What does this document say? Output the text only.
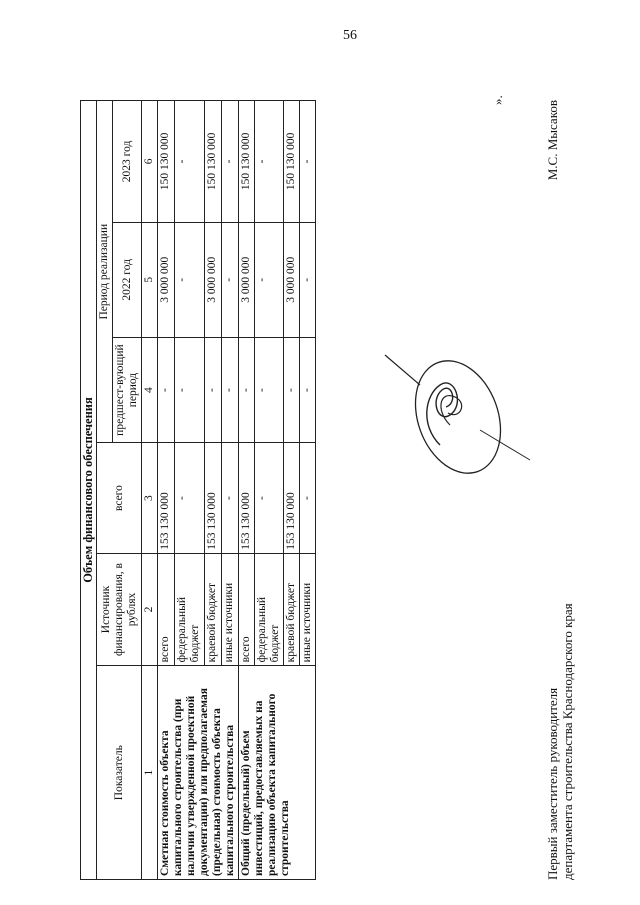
56
Объем финансового обеспечения					
Показатель	Источник финансирования, в рублях	всего	Период реализации		
			предшест-вующий период	2022 год	2023 год
1	2	3	4	5	6
Сметная стоимость объекта капитального строительства (при наличии утвержденной проектной документации) или предполагаемая (предельная) стоимость объекта капитального строительства	всего	153 130 000	-	3 000 000	150 130 000
	федеральный бюджет	-	-	-	-
	краевой бюджет	153 130 000	-	3 000 000	150 130 000
	иные источники	-	-	-	-
Общий (предельный) объем инвестиций, предоставляемых на реализацию объекта капитального строительства	всего	153 130 000	-	3 000 000	150 130 000
	федеральный бюджет	-	-	-	-
	краевой бюджет	153 130 000	-	3 000 000	150 130 000
	иные источники	-	-	-	-
».
Первый заместитель руководителя департамента строительства Краснодарского края
М.С. Мысаков
